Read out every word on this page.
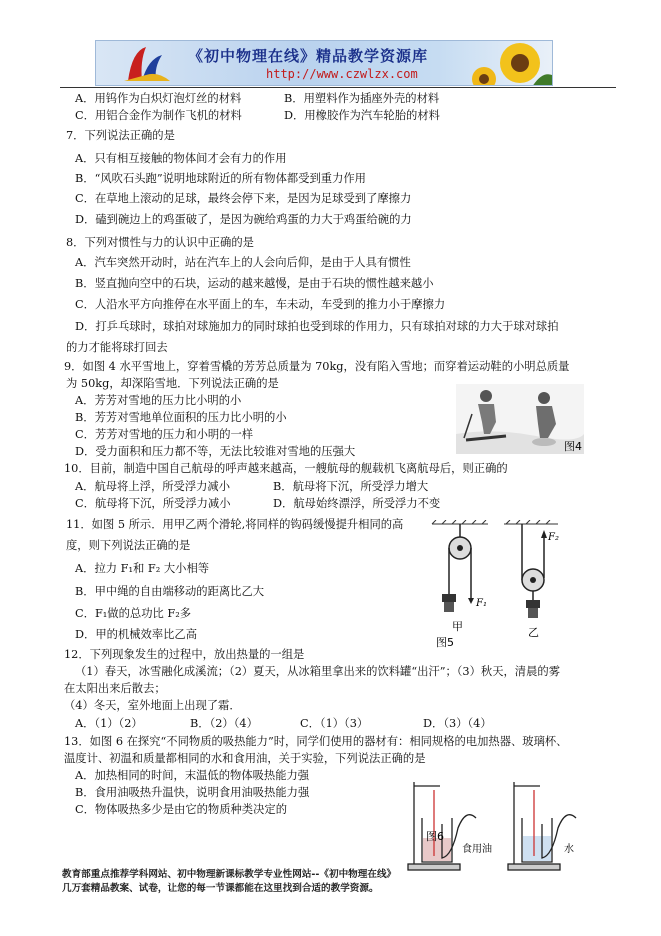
《初中物理在线》精品教学资源库
http://www.czwlzx.com
A．用钨作为白炽灯泡灯丝的材料	B．用塑料作为插座外壳的材料
C．用铝合金作为制作飞机的材料	D．用橡胶作为汽车轮胎的材料
7．下列说法正确的是
A．只有相互接触的物体间才会有力的作用
B．“风吹石头跑”说明地球附近的所有物体都受到重力作用
C．在草地上滚动的足球，最终会停下来，是因为足球受到了摩擦力
D．磕到碗边上的鸡蛋破了，是因为碗给鸡蛋的力大于鸡蛋给碗的力
8．下列对惯性与力的认识中正确的是
A．汽车突然开动时，站在汽车上的人会向后仰，是由于人具有惯性
B．竖直抛向空中的石块，运动的越来越慢，是由于石块的惯性越来越小
C．人沿水平方向推停在水平面上的车，车未动，车受到的推力小于摩擦力
D．打乒乓球时，球拍对球施加力的同时球拍也受到球的作用力，只有球拍对球的力大于球对球拍
的力才能将球打回去
9．如图 4 水平雪地上，穿着雪橇的芳芳总质量为 70kg，没有陷入雪地；而穿着运动鞋的小明总质量
为 50kg，却深陷雪地．下列说法正确的是
A．芳芳对雪地的压力比小明的小
B．芳芳对雪地单位面积的压力比小明的小
C．芳芳对雪地的压力和小明的一样
D．受力面积和压力都不等，无法比较谁对雪地的压强大
10．目前，制造中国自己航母的呼声越来越高，一艘航母的舰载机飞离航母后，则正确的
A．航母将上浮，所受浮力减小	B．航母将下沉，所受浮力增大
C．航母将下沉，所受浮力减小	D．航母始终漂浮，所受浮力不变
11．如图 5 所示．用甲乙两个滑轮,将同样的钩码缓慢提升相同的高
度，则下列说法正确的是
A．拉力 F₁和 F₂ 大小相等
B．甲中绳的自由端移动的距离比乙大
C．F₁做的总功比 F₂多
D．甲的机械效率比乙高
12．下列现象发生的过程中，放出热量的一组是
（1）春天，冰雪融化成溪流；（2）夏天，从冰箱里拿出来的饮料罐“出汗”；（3）秋天，清晨的雾
在太阳出来后散去；
（4）冬天，室外地面上出现了霜．
A．（1）（2）	B．（2）（4）	C．（1）（3）	D．（3）（4）
13．如图 6 在探究“不同物质的吸热能力”时，同学们使用的器材有：相同规格的电加热器、玻璃杯、
温度计、初温和质量都相同的水和食用油，关于实验，下列说法正确的是
A．加热相同的时间，末温低的物体吸热能力强
B．食用油吸热升温快，说明食用油吸热能力强
C．物体吸热多少是由它的物质种类决定的
图4
F₁
甲
F₂
乙
图5
图6
食用油	水
教育部重点推荐学科网站、初中物理新课标教学专业性网站--《初中物理在线》
几万套精品教案、试卷，让您的每一节课都能在这里找到合适的教学资源。
